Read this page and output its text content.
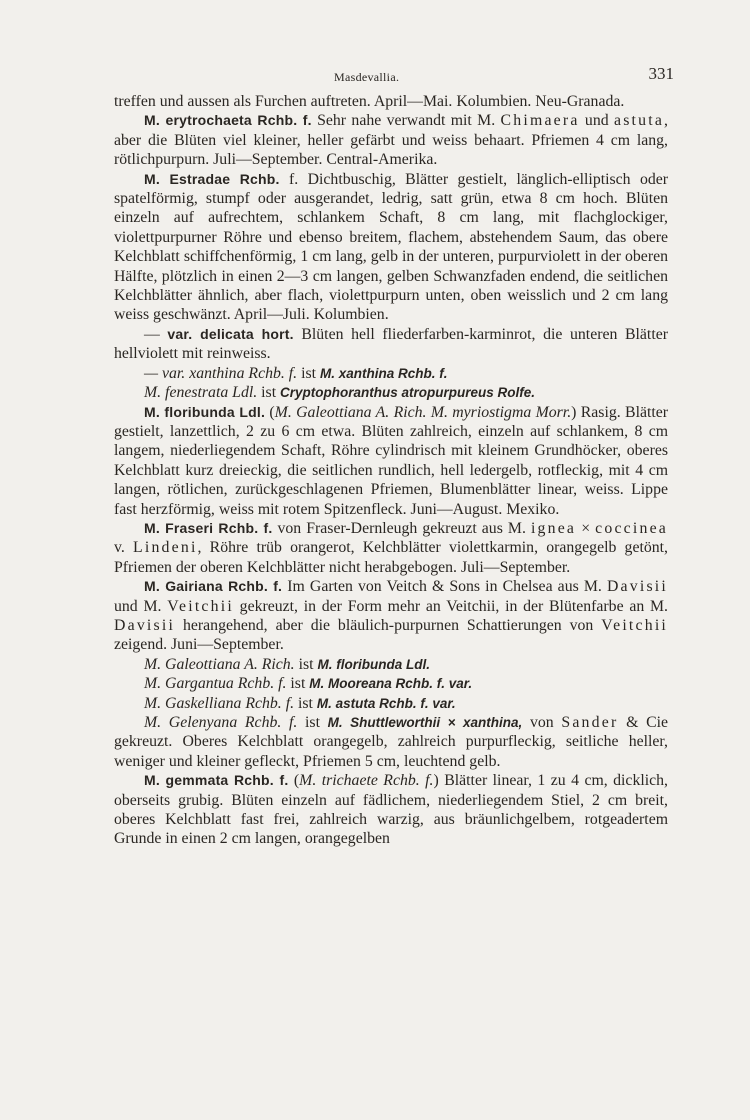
Masdevallia.	331

treffen und aussen als Furchen auftreten. April—Mai. Kolumbien. Neu-Granada.

M. erytrochaeta Rchb. f. Sehr nahe verwandt mit M. Chimaera und astuta, aber die Blüten viel kleiner, heller gefärbt und weiss behaart. Pfriemen 4 cm lang, rötlichpurpurn. Juli—September. Central-Amerika.

M. Estradae Rchb. f. Dichtbuschig, Blätter gestielt, länglich-elliptisch oder spatelförmig, stumpf oder ausgerandet, ledrig, satt grün, etwa 8 cm hoch. Blüten einzeln auf aufrechtem, schlankem Schaft, 8 cm lang, mit flachglockiger, violettpurpurner Röhre und ebenso breitem, flachem, abstehendem Saum, das obere Kelchblatt schiffchenförmig, 1 cm lang, gelb in der unteren, purpurviolett in der oberen Hälfte, plötzlich in einen 2—3 cm langen, gelben Schwanzfaden endend, die seitlichen Kelchblätter ähnlich, aber flach, violettpurpurn unten, oben weisslich und 2 cm lang weiss geschwänzt. April—Juli. Kolumbien.

— var. delicata hort. Blüten hell fliederfarben-karminrot, die unteren Blätter hellviolett mit reinweiss.

— var. xanthina Rchb. f. ist M. xanthina Rchb. f.

M. fenestrata Ldl. ist Cryptophoranthus atropurpureus Rolfe.

M. floribunda Ldl. (M. Galeottiana A. Rich. M. myriostigma Morr.) Rasig. Blätter gestielt, lanzettlich, 2 zu 6 cm etwa. Blüten zahlreich, einzeln auf schlankem, 8 cm langem, niederliegendem Schaft, Röhre cylindrisch mit kleinem Grundhöcker, oberes Kelchblatt kurz dreieckig, die seitlichen rundlich, hell ledergelb, rotfleckig, mit 4 cm langen, rötlichen, zurückgeschlagenen Pfriemen, Blumenblätter linear, weiss. Lippe fast herzförmig, weiss mit rotem Spitzenfleck. Juni—August. Mexiko.

M. Fraseri Rchb. f. von Fraser-Dernleugh gekreuzt aus M. ignea × coccinea v. Lindeni, Röhre trüb orangerot, Kelchblätter violettkarmin, orangegelb getönt, Pfriemen der oberen Kelchblätter nicht herabgebogen. Juli—September.

M. Gairiana Rchb. f. Im Garten von Veitch & Sons in Chelsea aus M. Davisii und M. Veitchii gekreuzt, in der Form mehr an Veitchii, in der Blütenfarbe an M. Davisii herangehend, aber die bläulich-purpurnen Schattierungen von Veitchii zeigend. Juni—September.

M. Galeottiana A. Rich. ist M. floribunda Ldl.

M. Gargantua Rchb. f. ist M. Mooreana Rchb. f. var.

M. Gaskelliana Rchb. f. ist M. astuta Rchb. f. var.

M. Gelenyana Rchb. f. ist M. Shuttleworthii × xanthina, von Sander & Cie gekreuzt. Oberes Kelchblatt orangegelb, zahlreich purpurfleckig, seitliche heller, weniger und kleiner gefleckt, Pfriemen 5 cm, leuchtend gelb.

M. gemmata Rchb. f. (M. trichaete Rchb. f.) Blätter linear, 1 zu 4 cm, dicklich, oberseits grubig. Blüten einzeln auf fädlichem, niederliegendem Stiel, 2 cm breit, oberes Kelchblatt fast frei, zahlreich warzig, aus bräunlichgelbem, rotgeadertem Grunde in einen 2 cm langen, orangegelben
